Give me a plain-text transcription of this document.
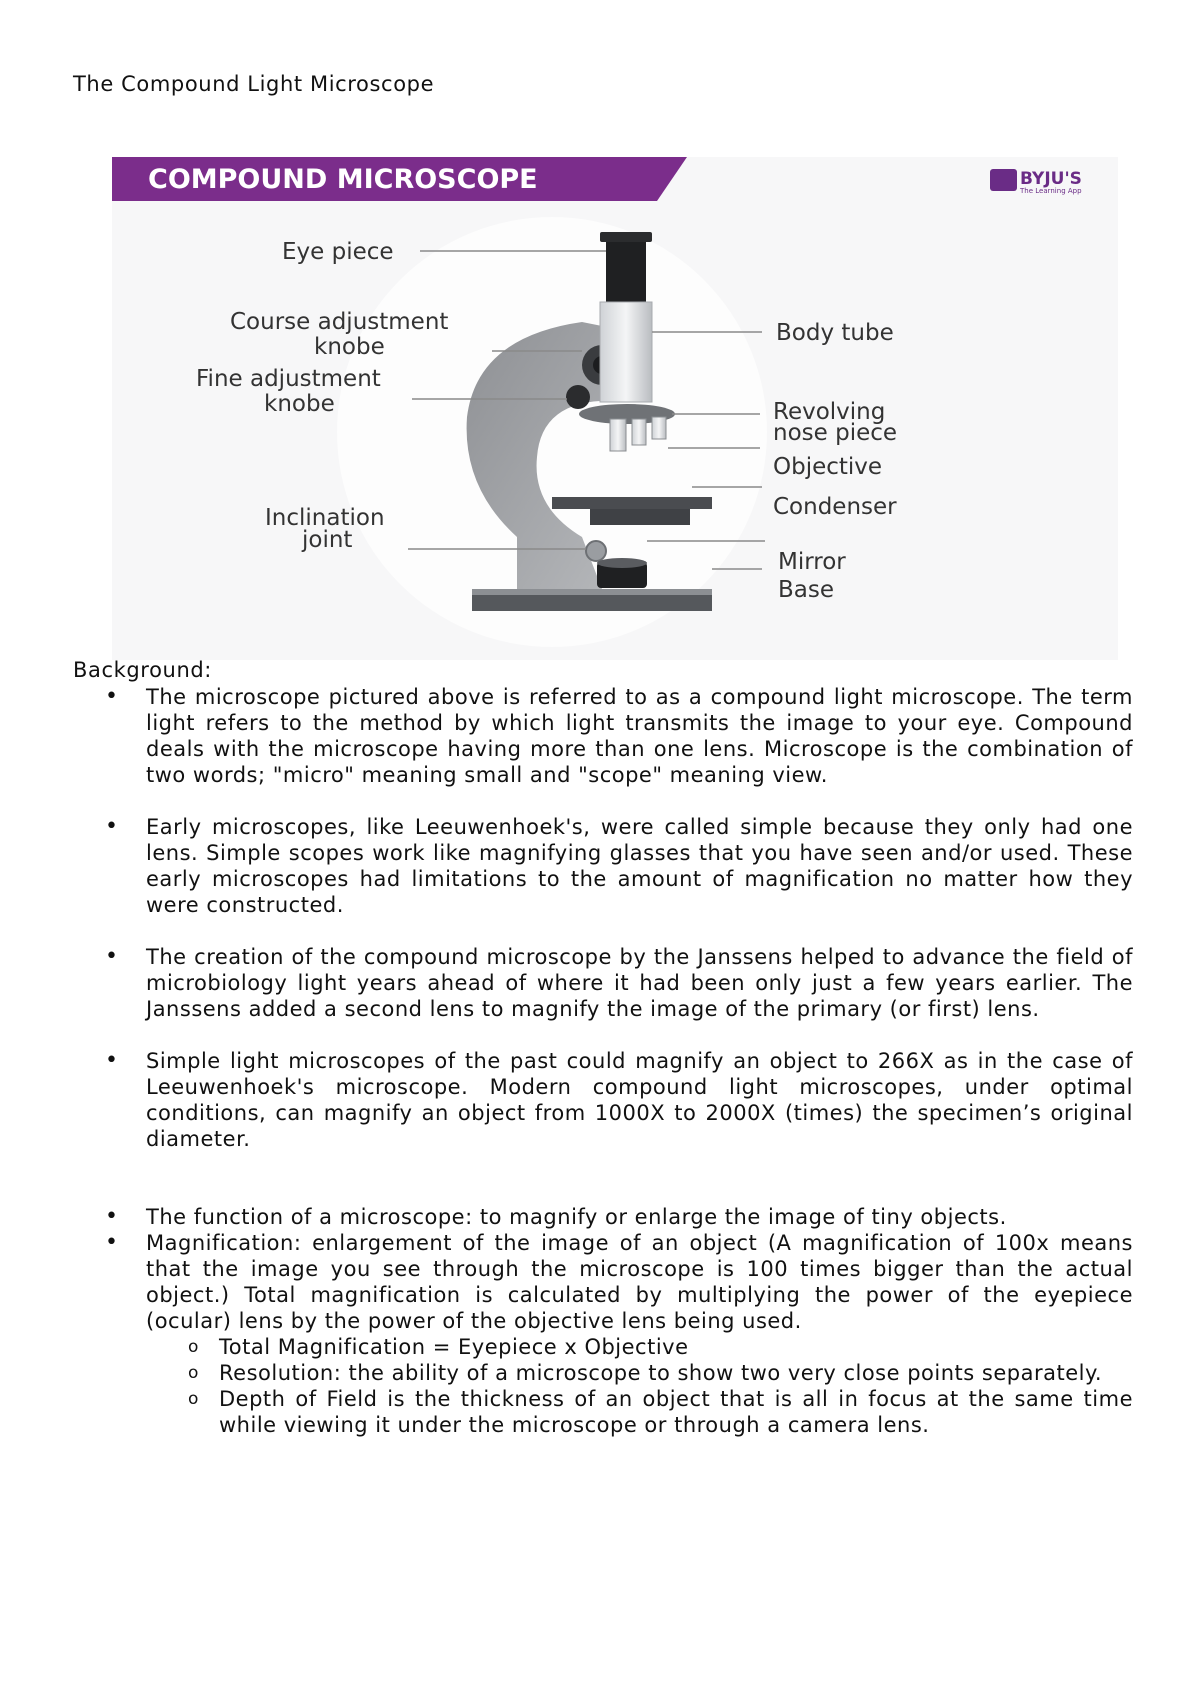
The Compound Light Microscope
COMPOUND MICROSCOPE	BYJU'S
The Learning App
Eye piece
Course adjustment
knobe
Fine adjustment
knobe
Inclination
joint
Body tube
Revolving
nose piece
Objective
Condenser
Mirror
Base
Background:
• The microscope pictured above is referred to as a compound light microscope. The term light refers to the method by which light transmits the image to your eye. Compound deals with the microscope having more than one lens. Microscope is the combination of two words; "micro" meaning small and "scope" meaning view.
• Early microscopes, like Leeuwenhoek's, were called simple because they only had one lens. Simple scopes work like magnifying glasses that you have seen and/or used. These early microscopes had limitations to the amount of magnification no matter how they were constructed.
• The creation of the compound microscope by the Janssens helped to advance the field of microbiology light years ahead of where it had been only just a few years earlier. The Janssens added a second lens to magnify the image of the primary (or first) lens.
• Simple light microscopes of the past could magnify an object to 266X as in the case of Leeuwenhoek's microscope. Modern compound light microscopes, under optimal conditions, can magnify an object from 1000X to 2000X (times) the specimen’s original diameter.
• The function of a microscope: to magnify or enlarge the image of tiny objects.
• Magnification: enlargement of the image of an object (A magnification of 100x means that the image you see through the microscope is 100 times bigger than the actual object.) Total magnification is calculated by multiplying the power of the eyepiece (ocular) lens by the power of the objective lens being used.
o Total Magnification = Eyepiece x Objective
o Resolution: the ability of a microscope to show two very close points separately.
o Depth of Field is the thickness of an object that is all in focus at the same time while viewing it under the microscope or through a camera lens.
